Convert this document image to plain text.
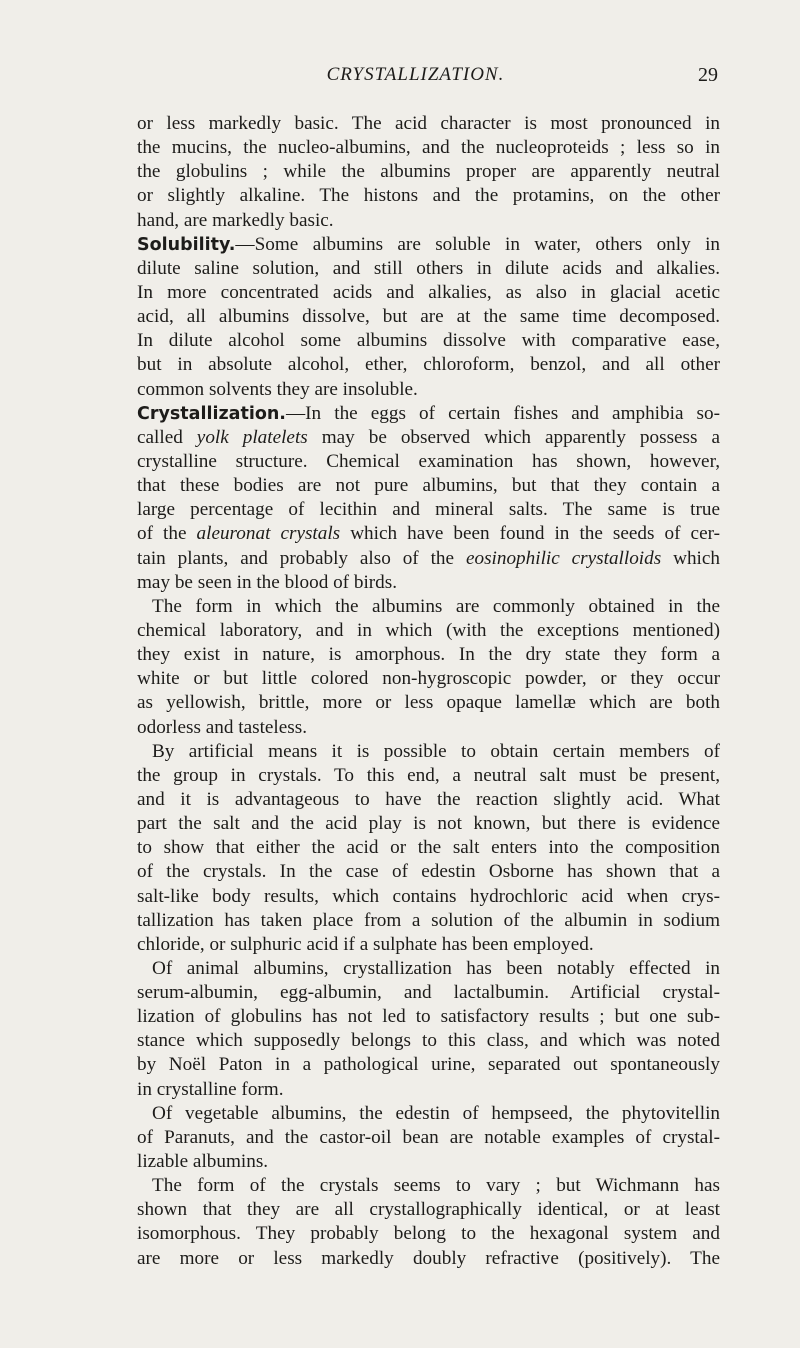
CRYSTALLIZATION.	29
or less markedly basic. The acid character is most pronounced in
the mucins, the nucleo-albumins, and the nucleoproteids ; less so in
the globulins ; while the albumins proper are apparently neutral
or slightly alkaline. The histons and the protamins, on the other
hand, are markedly basic.
Solubility.—Some albumins are soluble in water, others only in
dilute saline solution, and still others in dilute acids and alkalies.
In more concentrated acids and alkalies, as also in glacial acetic
acid, all albumins dissolve, but are at the same time decomposed.
In dilute alcohol some albumins dissolve with comparative ease,
but in absolute alcohol, ether, chloroform, benzol, and all other
common solvents they are insoluble.
Crystallization.—In the eggs of certain fishes and amphibia so-
called yolk platelets may be observed which apparently possess a
crystalline structure. Chemical examination has shown, however,
that these bodies are not pure albumins, but that they contain a
large percentage of lecithin and mineral salts. The same is true
of the aleuronat crystals which have been found in the seeds of cer-
tain plants, and probably also of the eosinophilic crystalloids which
may be seen in the blood of birds.
The form in which the albumins are commonly obtained in the
chemical laboratory, and in which (with the exceptions mentioned)
they exist in nature, is amorphous. In the dry state they form a
white or but little colored non-hygroscopic powder, or they occur
as yellowish, brittle, more or less opaque lamellæ which are both
odorless and tasteless.
By artificial means it is possible to obtain certain members of
the group in crystals. To this end, a neutral salt must be present,
and it is advantageous to have the reaction slightly acid. What
part the salt and the acid play is not known, but there is evidence
to show that either the acid or the salt enters into the composition
of the crystals. In the case of edestin Osborne has shown that a
salt-like body results, which contains hydrochloric acid when crys-
tallization has taken place from a solution of the albumin in sodium
chloride, or sulphuric acid if a sulphate has been employed.
Of animal albumins, crystallization has been notably effected in
serum-albumin, egg-albumin, and lactalbumin. Artificial crystal-
lization of globulins has not led to satisfactory results ; but one sub-
stance which supposedly belongs to this class, and which was noted
by Noël Paton in a pathological urine, separated out spontaneously
in crystalline form.
Of vegetable albumins, the edestin of hempseed, the phytovitellin
of Paranuts, and the castor-oil bean are notable examples of crystal-
lizable albumins.
The form of the crystals seems to vary ; but Wichmann has
shown that they are all crystallographically identical, or at least
isomorphous. They probably belong to the hexagonal system and
are more or less markedly doubly refractive (positively). The
